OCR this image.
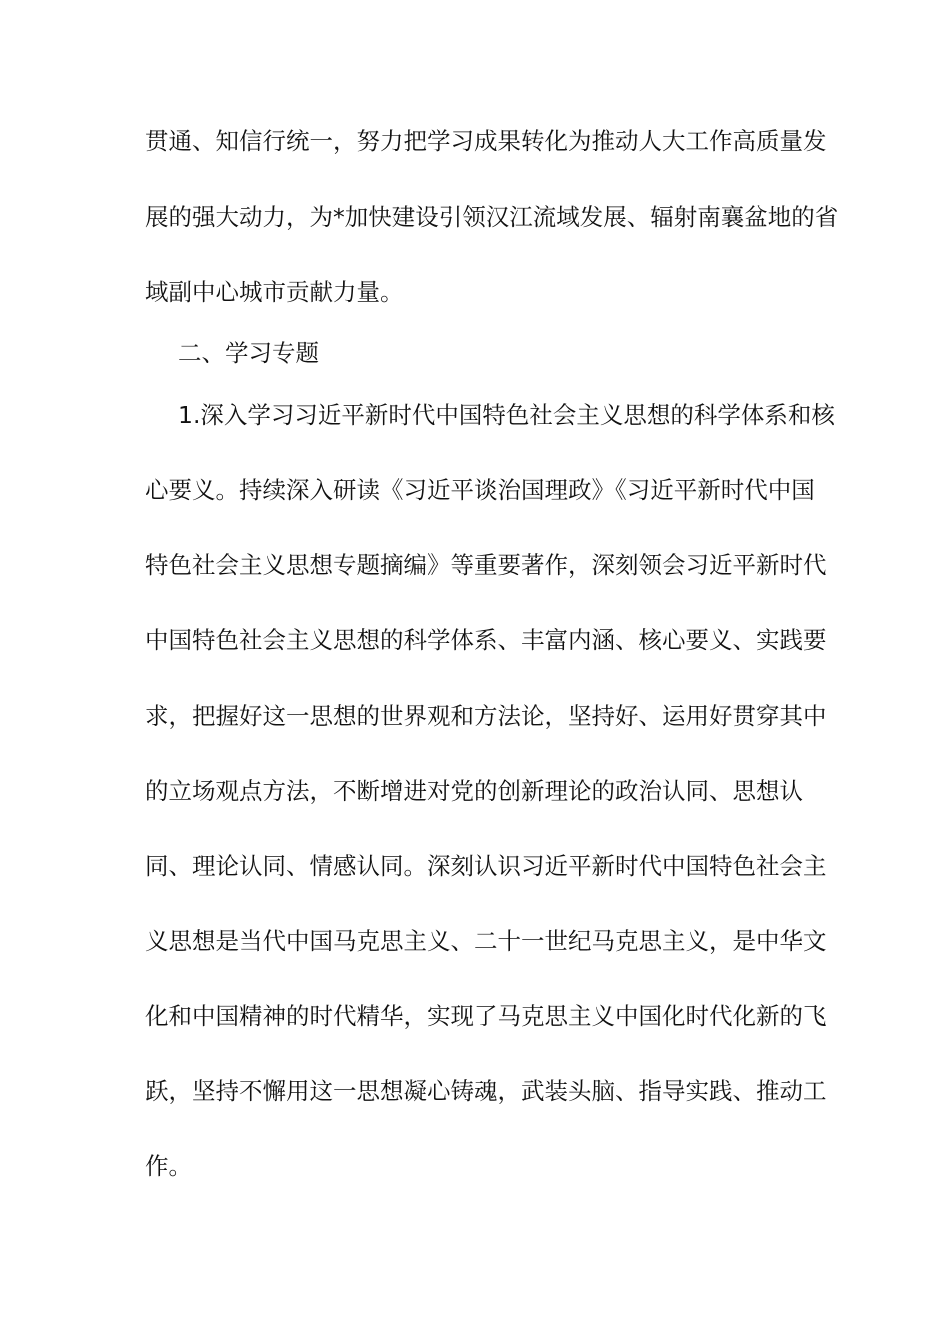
贯通、知信行统一，努力把学习成果转化为推动人大工作高质量发
展的强大动力，为*加快建设引领汉江流域发展、辐射南襄盆地的省
域副中心城市贡献力量。
二、学习专题
1.深入学习习近平新时代中国特色社会主义思想的科学体系和核
心要义。持续深入研读《习近平谈治国理政》《习近平新时代中国
特色社会主义思想专题摘编》等重要著作，深刻领会习近平新时代
中国特色社会主义思想的科学体系、丰富内涵、核心要义、实践要
求，把握好这一思想的世界观和方法论，坚持好、运用好贯穿其中
的立场观点方法，不断增进对党的创新理论的政治认同、思想认
同、理论认同、情感认同。深刻认识习近平新时代中国特色社会主
义思想是当代中国马克思主义、二十一世纪马克思主义，是中华文
化和中国精神的时代精华，实现了马克思主义中国化时代化新的飞
跃，坚持不懈用这一思想凝心铸魂，武装头脑、指导实践、推动工
作。
